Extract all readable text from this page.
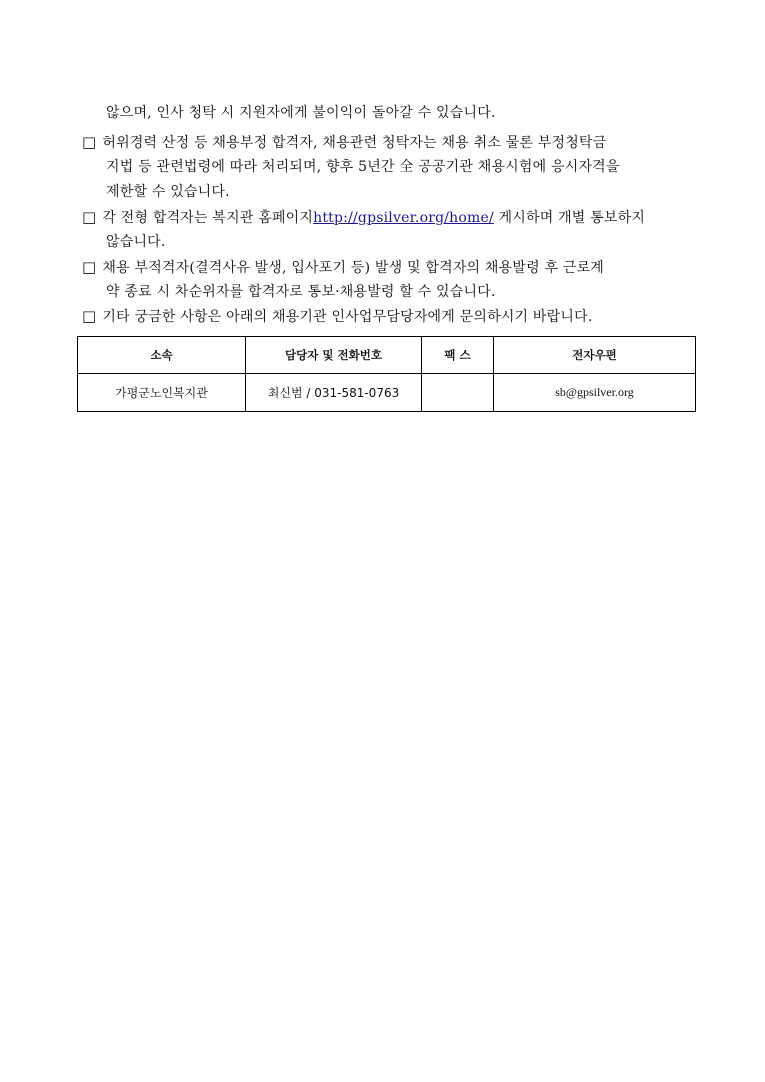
않으며, 인사 청탁 시 지원자에게 불이익이 돌아갈 수 있습니다.
□ 허위경력 산정 등 채용부정 합격자, 채용관련 청탁자는 채용 취소 물론 부정청탁금
지법 등 관련법령에 따라 처리되며, 향후 5년간 全 공공기관 채용시험에 응시자격을
제한할 수 있습니다.
□ 각 전형 합격자는 복지관 홈페이지http://gpsilver.org/home/ 게시하며 개별 통보하지
않습니다.
□ 채용 부적격자(결격사유 발생, 입사포기 등) 발생 및 합격자의 채용발령 후 근로계
약 종료 시 차순위자를 합격자로 통보·채용발령 할 수 있습니다.
□ 기타 궁금한 사항은 아래의 채용기관 인사업무담당자에게 문의하시기 바랍니다.
소속	담당자 및 전화번호	팩 스	전자우편
가평군노인복지관	최신범 / 031-581-0763		sb@gpsilver.org
